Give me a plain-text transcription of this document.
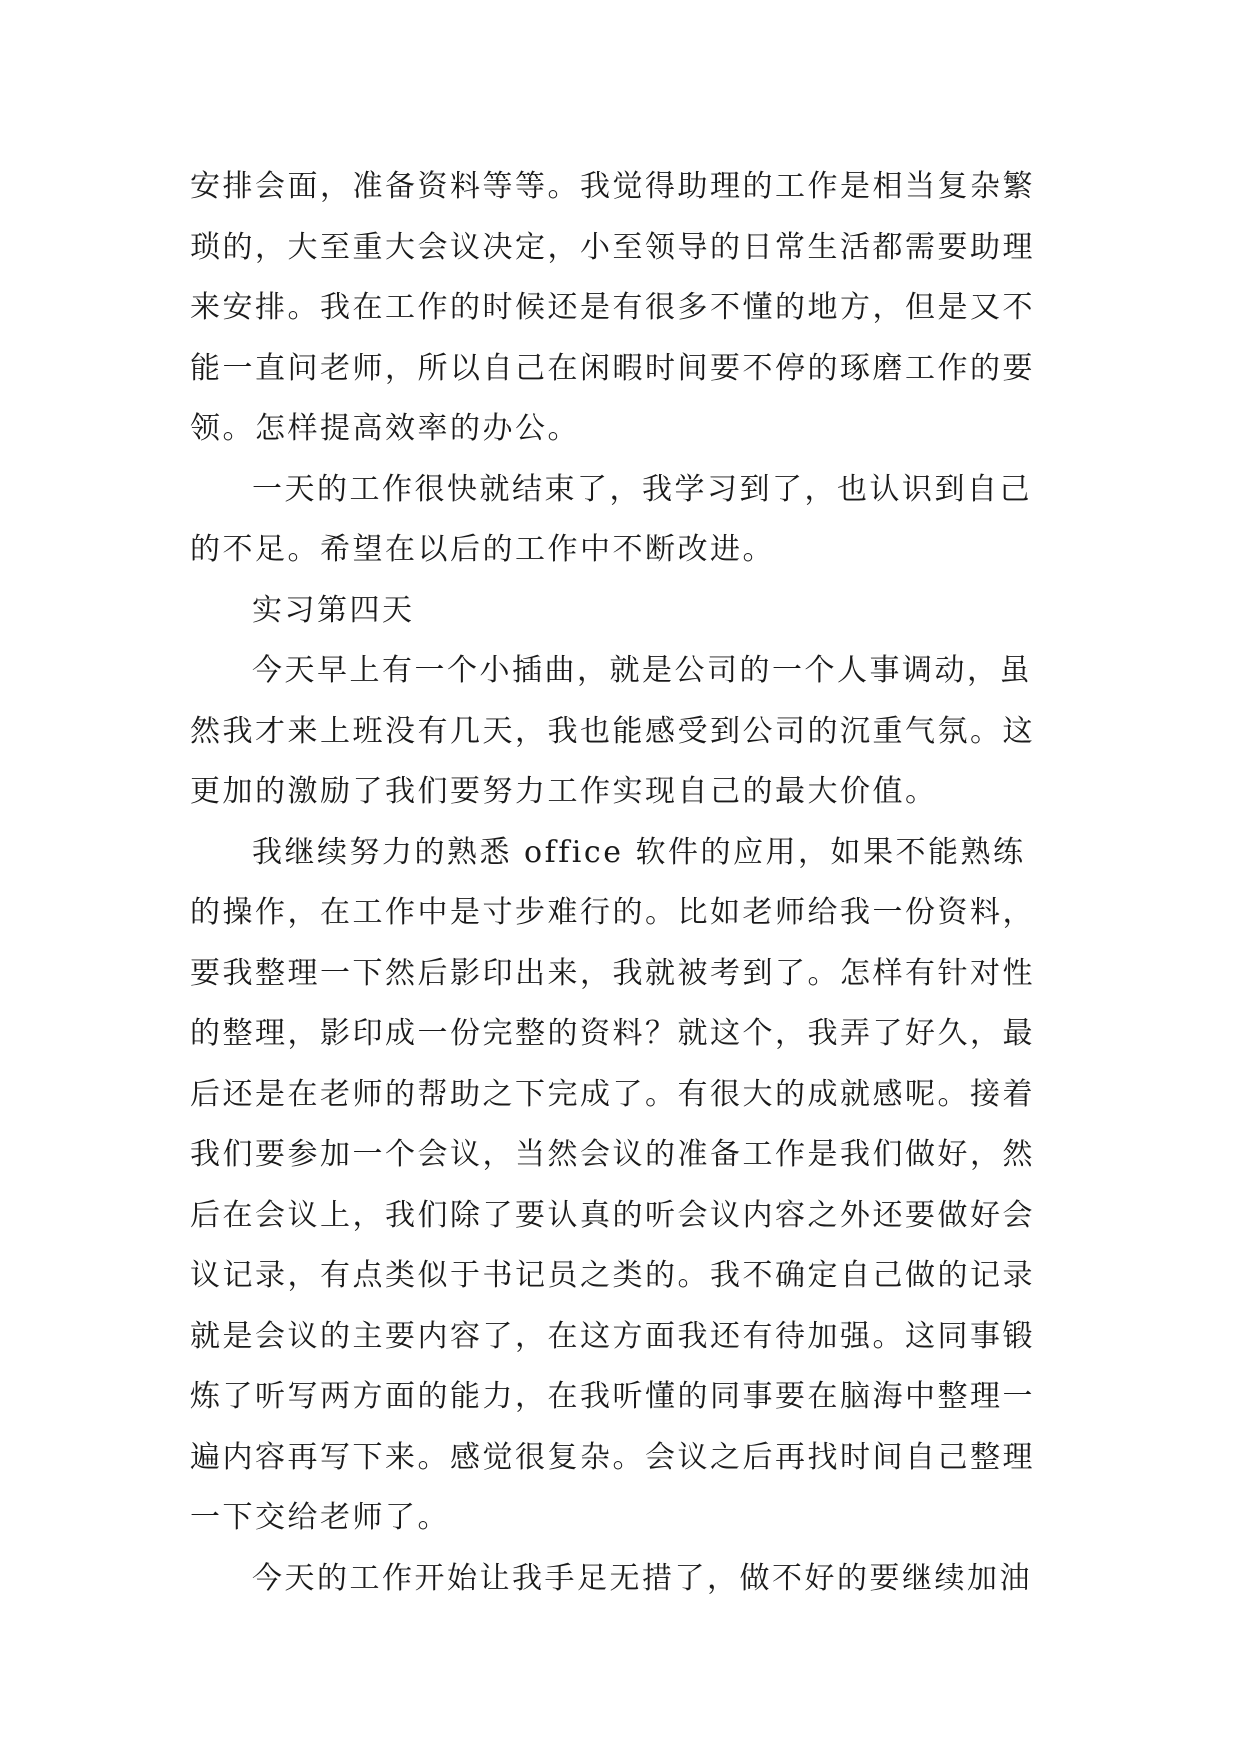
安排会面，准备资料等等。我觉得助理的工作是相当复杂繁
琐的，大至重大会议决定，小至领导的日常生活都需要助理
来安排。我在工作的时候还是有很多不懂的地方，但是又不
能一直问老师，所以自己在闲暇时间要不停的琢磨工作的要
领。怎样提高效率的办公。
一天的工作很快就结束了，我学习到了，也认识到自己
的不足。希望在以后的工作中不断改进。
实习第四天
今天早上有一个小插曲，就是公司的一个人事调动，虽
然我才来上班没有几天，我也能感受到公司的沉重气氛。这
更加的激励了我们要努力工作实现自己的最大价值。
我继续努力的熟悉 office 软件的应用，如果不能熟练
的操作，在工作中是寸步难行的。比如老师给我一份资料，
要我整理一下然后影印出来，我就被考到了。怎样有针对性
的整理，影印成一份完整的资料？就这个，我弄了好久，最
后还是在老师的帮助之下完成了。有很大的成就感呢。接着
我们要参加一个会议，当然会议的准备工作是我们做好，然
后在会议上，我们除了要认真的听会议内容之外还要做好会
议记录，有点类似于书记员之类的。我不确定自己做的记录
就是会议的主要内容了，在这方面我还有待加强。这同事锻
炼了听写两方面的能力，在我听懂的同事要在脑海中整理一
遍内容再写下来。感觉很复杂。会议之后再找时间自己整理
一下交给老师了。
今天的工作开始让我手足无措了，做不好的要继续加油
